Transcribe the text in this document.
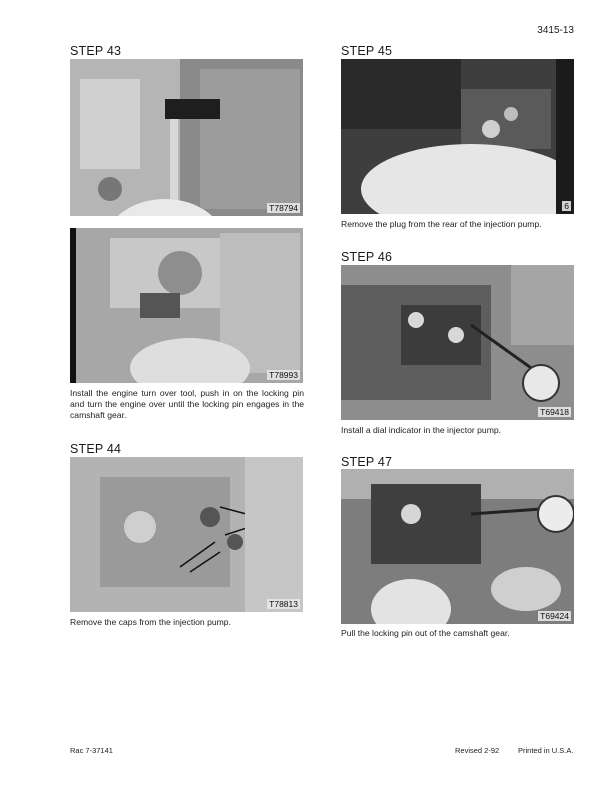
3415-13
STEP 43
T78794
T78993
Install the engine turn over tool, push in on the locking pin and turn the engine over until the locking pin engages in the camshaft gear.
STEP 44
T78813
Remove the caps from the injection pump.
STEP 45
6
Remove the plug from the rear of the injection pump.
STEP 46
T69418
Install a dial indicator in the injector pump.
STEP 47
T69424
Pull the locking pin out of the camshaft gear.
Rac 7-37141	Revised 2-92	Printed in U.S.A.
